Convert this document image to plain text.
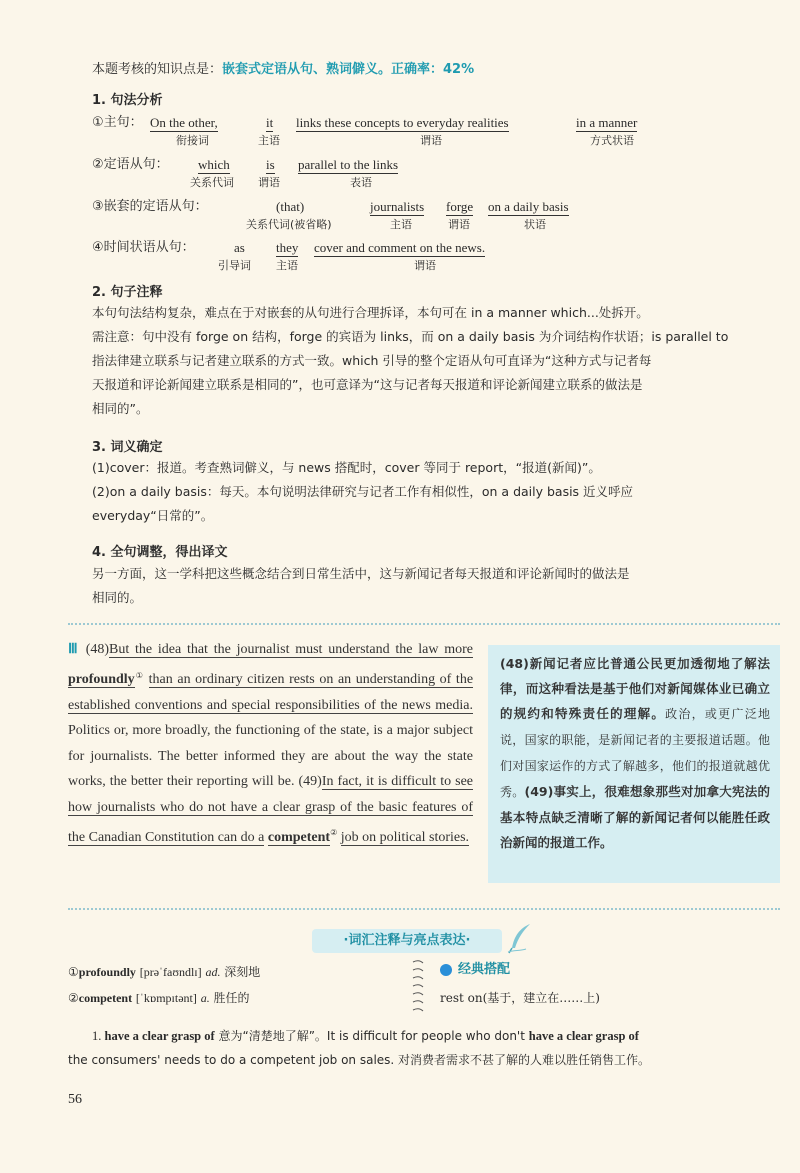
本题考核的知识点是：嵌套式定语从句、熟词僻义。正确率：42%
1. 句法分析
①主句： On the other,
衔接词
it
主语
links these concepts to everyday realities
谓语
in a manner
方式状语
②定语从句： which
关系代词
is
谓语
parallel to the links
表语
③嵌套的定语从句：	(that)
关系代词(被省略)
journalists
主语
forge
谓语
on a daily basis
状语
④时间状语从句：	as
引导词
they
主语
cover and comment on the news.
谓语
2. 句子注释
本句句法结构复杂，难点在于对嵌套的从句进行合理拆译，本句可在 in a manner which...处拆开。
需注意：句中没有 forge on 结构，forge 的宾语为 links，而 on a daily basis 为介词结构作状语；is parallel to
指法律建立联系与记者建立联系的方式一致。which 引导的整个定语从句可直译为“这种方式与记者每
天报道和评论新闻建立联系是相同的”，也可意译为“这与记者每天报道和评论新闻建立联系的做法是
相同的”。
3. 词义确定
(1)cover：报道。考查熟词僻义，与 news 搭配时，cover 等同于 report，“报道(新闻)”。
(2)on a daily basis：每天。本句说明法律研究与记者工作有相似性，on a daily basis 近义呼应
everyday“日常的”。
4. 全句调整，得出译文
另一方面，这一学科把这些概念结合到日常生活中，这与新闻记者每天报道和评论新闻时的做法是
相同的。
Ⅲ (48)But the idea that the journalist must understand the law more profoundly① than an ordinary citizen rests on an understanding of the established conventions and special responsibilities of the news media. Politics or, more broadly, the functioning of the state, is a major subject for journalists. The better informed they are about the way the state works, the better their reporting will be. (49)In fact, it is difficult to see how journalists who do not have a clear grasp of the basic features of the Canadian Constitution can do a competent② job on political stories.
(48)新闻记者应比普通公民更加透彻地了解法律，而这种看法是基于他们对新闻媒体业已确立的规约和特殊责任的理解。政治，或更广泛地说，国家的职能，是新闻记者的主要报道话题。他们对国家运作的方式了解越多，他们的报道就越优秀。(49)事实上，很难想象那些对加拿大宪法的基本特点缺乏清晰了解的新闻记者何以能胜任政治新闻的报道工作。
·词汇注释与亮点表达·
①profoundly [prəˈfaʊndlɪ] ad. 深刻地
②competent [ˈkɒmpɪtənt] a. 胜任的
经典搭配
rest on(基于，建立在……上)
1. have a clear grasp of 意为“清楚地了解”。It is difficult for people who don't have a clear grasp of
the consumers' needs to do a competent job on sales. 对消费者需求不甚了解的人难以胜任销售工作。
56
